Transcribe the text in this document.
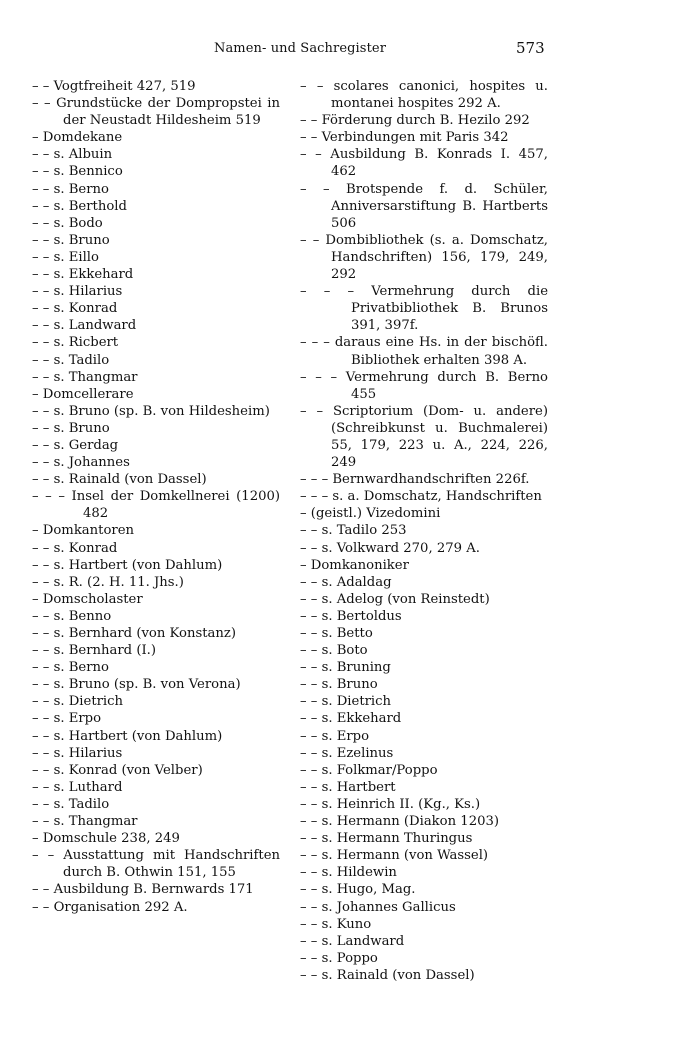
Namen- und Sachregister	573
– – Vogtfreiheit 427, 519
– – Grundstücke der Dompropstei in der Neustadt Hildesheim 519
– Domdekane
– – s. Albuin
– – s. Bennico
– – s. Berno
– – s. Berthold
– – s. Bodo
– – s. Bruno
– – s. Eillo
– – s. Ekkehard
– – s. Hilarius
– – s. Konrad
– – s. Landward
– – s. Ricbert
– – s. Tadilo
– – s. Thangmar
– Domcellerare
– – s. Bruno (sp. B. von Hildesheim)
– – s. Bruno
– – s. Gerdag
– – s. Johannes
– – s. Rainald (von Dassel)
– – – Insel der Domkellnerei (1200) 482
– Domkantoren
– – s. Konrad
– – s. Hartbert (von Dahlum)
– – s. R. (2. H. 11. Jhs.)
– Domscholaster
– – s. Benno
– – s. Bernhard (von Konstanz)
– – s. Bernhard (I.)
– – s. Berno
– – s. Bruno (sp. B. von Verona)
– – s. Dietrich
– – s. Erpo
– – s. Hartbert (von Dahlum)
– – s. Hilarius
– – s. Konrad (von Velber)
– – s. Luthard
– – s. Tadilo
– – s. Thangmar
– Domschule 238, 249
– – Ausstattung mit Handschriften durch B. Othwin 151, 155
– – Ausbildung B. Bernwards 171
– – Organisation 292 A.
– – scolares canonici, hospites u. montanei hospites 292 A.
– – Förderung durch B. Hezilo 292
– – Verbindungen mit Paris 342
– – Ausbildung B. Konrads I. 457, 462
– – Brotspende f. d. Schüler, Anniversarstiftung B. Hartberts 506
– – Dombibliothek (s. a. Domschatz, Handschriften) 156, 179, 249, 292
– – – Vermehrung durch die Privatbibliothek B. Brunos 391, 397f.
– – – daraus eine Hs. in der bischöfl. Bibliothek erhalten 398 A.
– – – Vermehrung durch B. Berno 455
– – Scriptorium (Dom- u. andere) (Schreibkunst u. Buchmalerei) 55, 179, 223 u. A., 224, 226, 249
– – – Bernwardhandschriften 226f.
– – – s. a. Domschatz, Handschriften
– (geistl.) Vizedomini
– – s. Tadilo 253
– – s. Volkward 270, 279 A.
– Domkanoniker
– – s. Adaldag
– – s. Adelog (von Reinstedt)
– – s. Bertoldus
– – s. Betto
– – s. Boto
– – s. Bruning
– – s. Bruno
– – s. Dietrich
– – s. Ekkehard
– – s. Erpo
– – s. Ezelinus
– – s. Folkmar/Poppo
– – s. Hartbert
– – s. Heinrich II. (Kg., Ks.)
– – s. Hermann (Diakon 1203)
– – s. Hermann Thuringus
– – s. Hermann (von Wassel)
– – s. Hildewin
– – s. Hugo, Mag.
– – s. Johannes Gallicus
– – s. Kuno
– – s. Landward
– – s. Poppo
– – s. Rainald (von Dassel)
